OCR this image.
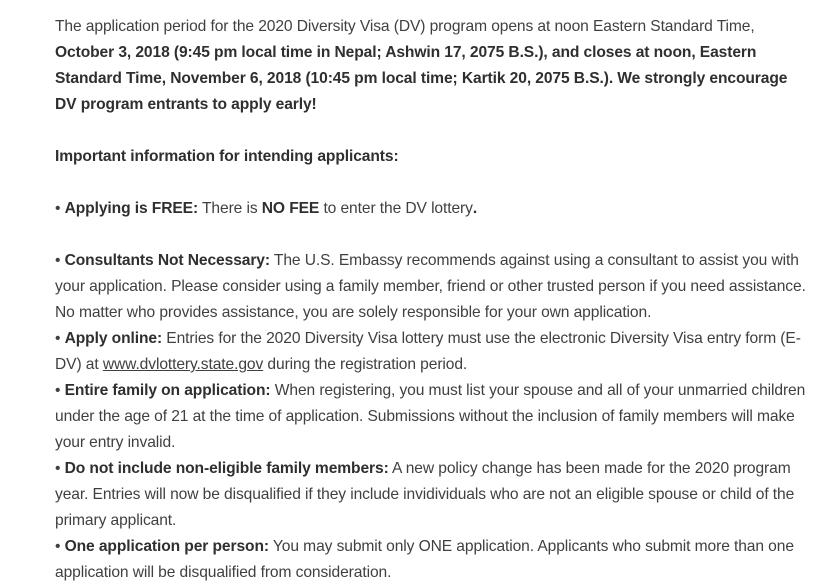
The application period for the 2020 Diversity Visa (DV) program opens at noon Eastern Standard Time, October 3, 2018 (9:45 pm local time in Nepal; Ashwin 17, 2075 B.S.), and closes at noon, Eastern Standard Time, November 6, 2018 (10:45 pm local time; Kartik 20, 2075 B.S.). We strongly encourage DV program entrants to apply early!

Important information for intending applicants:

• Applying is FREE: There is NO FEE to enter the DV lottery.

• Consultants Not Necessary: The U.S. Embassy recommends against using a consultant to assist you with your application. Please consider using a family member, friend or other trusted person if you need assistance. No matter who provides assistance, you are solely responsible for your own application.

• Apply online: Entries for the 2020 Diversity Visa lottery must use the electronic Diversity Visa entry form (E-DV) at www.dvlottery.state.gov during the registration period.

• Entire family on application: When registering, you must list your spouse and all of your unmarried children under the age of 21 at the time of application. Submissions without the inclusion of family members will make your entry invalid.

• Do not include non-eligible family members: A new policy change has been made for the 2020 program year. Entries will now be disqualified if they include invidividuals who are not an eligible spouse or child of the primary applicant.

• One application per person: You may submit only ONE application. Applicants who submit more than one application will be disqualified from consideration.
